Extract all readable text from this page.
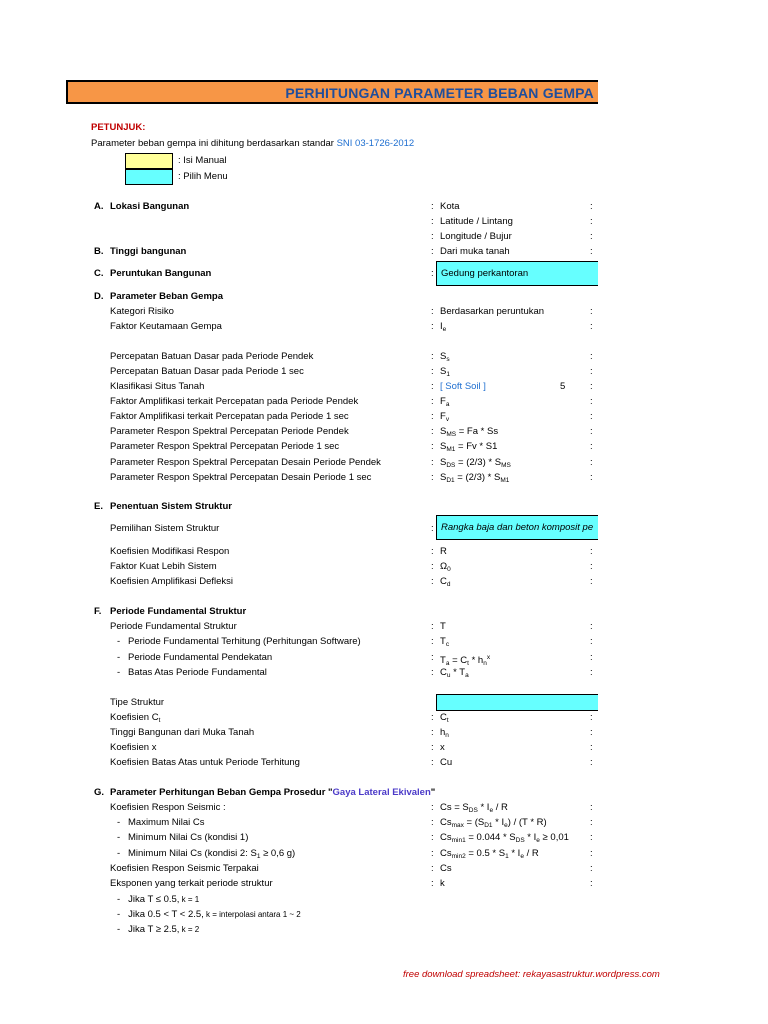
PERHITUNGAN PARAMETER BEBAN GEMPA
PETUNJUK:
Parameter beban gempa ini dihitung berdasarkan standar SNI 03-1726-2012
: Isi Manual
: Pilih Menu
A. Lokasi Bangunan	: Kota	:
: Latitude / Lintang	:
: Longitude / Bujur	:
B. Tinggi bangunan	: Dari muka tanah	:
C. Peruntukan Bangunan	: Gedung perkantoran
D. Parameter Beban Gempa
Kategori Risiko	: Berdasarkan peruntukan	:
Faktor Keutamaan Gempa	: $I_e$	:
Percepatan Batuan Dasar pada Periode Pendek	: $S_s$	:
Percepatan Batuan Dasar pada Periode 1 sec	: $S_1$	:
Klasifikasi Situs Tanah	: [ Soft Soil ]	5	:
Faktor Amplifikasi terkait Percepatan pada Periode Pendek	: $F_a$	:
Faktor Amplifikasi terkait Percepatan pada Periode 1 sec	: $F_v$	:
Parameter Respon Spektral Percepatan Periode Pendek	: $S_{MS} = Fa * Ss$	:
Parameter Respon Spektral Percepatan Periode 1 sec	: $S_{M1} = Fv * S1$	:
Parameter Respon Spektral Percepatan Desain Periode Pendek	: $S_{DS} = (2/3) * S_{MS}$	:
Parameter Respon Spektral Percepatan Desain Periode 1 sec	: $S_{D1} = (2/3) * S_{M1}$	:
E. Penentuan Sistem Struktur
Pemilihan Sistem Struktur	: Rangka baja dan beton komposit pe
Koefisien Modifikasi Respon	: R	:
Faktor Kuat Lebih Sistem	: $\Omega_0$	:
Koefisien Amplifikasi Defleksi	: $C_d$	:
F. Periode Fundamental Struktur
Periode Fundamental Struktur	: T	:
- Periode Fundamental Terhitung (Perhitungan Software)	: $T_c$	:
- Periode Fundamental Pendekatan	: $T_a = C_t * h_n^x$	:
- Batas Atas Periode Fundamental	: $C_u * T_a$	:
Tipe Struktur
Koefisien $C_t$	: $C_t$	:
Tinggi Bangunan dari Muka Tanah	: $h_n$	:
Koefisien x	: x	:
Koefisien Batas Atas untuk Periode Terhitung	: Cu	:
G. Parameter Perhitungan Beban Gempa Prosedur "Gaya Lateral Ekivalen"
Koefisien Respon Seismic :	: $Cs = S_{DS} * I_e / R$	:
- Maximum Nilai Cs	: $Cs_{max} = (S_{D1} * I_e) / (T * R)$	:
- Minimum Nilai Cs (kondisi 1)	: $Cs_{min1} = 0.044 * S_{DS} * I_e \ge 0,01$ :
- Minimum Nilai Cs (kondisi 2: $S_1 \ge 0,6$ g)	: $Cs_{min2} = 0.5 * S_1 * I_e / R$	:
Koefisien Respon Seismic Terpakai	: Cs	:
Eksponen yang terkait periode struktur	: k	:
- Jika T ≤ 0.5, k = 1
- Jika 0.5 < T < 2.5, k = interpolasi antara 1 ~ 2
- Jika T ≥ 2.5, k = 2
free download spreadsheet: rekayasastruktur.wordpress.com
